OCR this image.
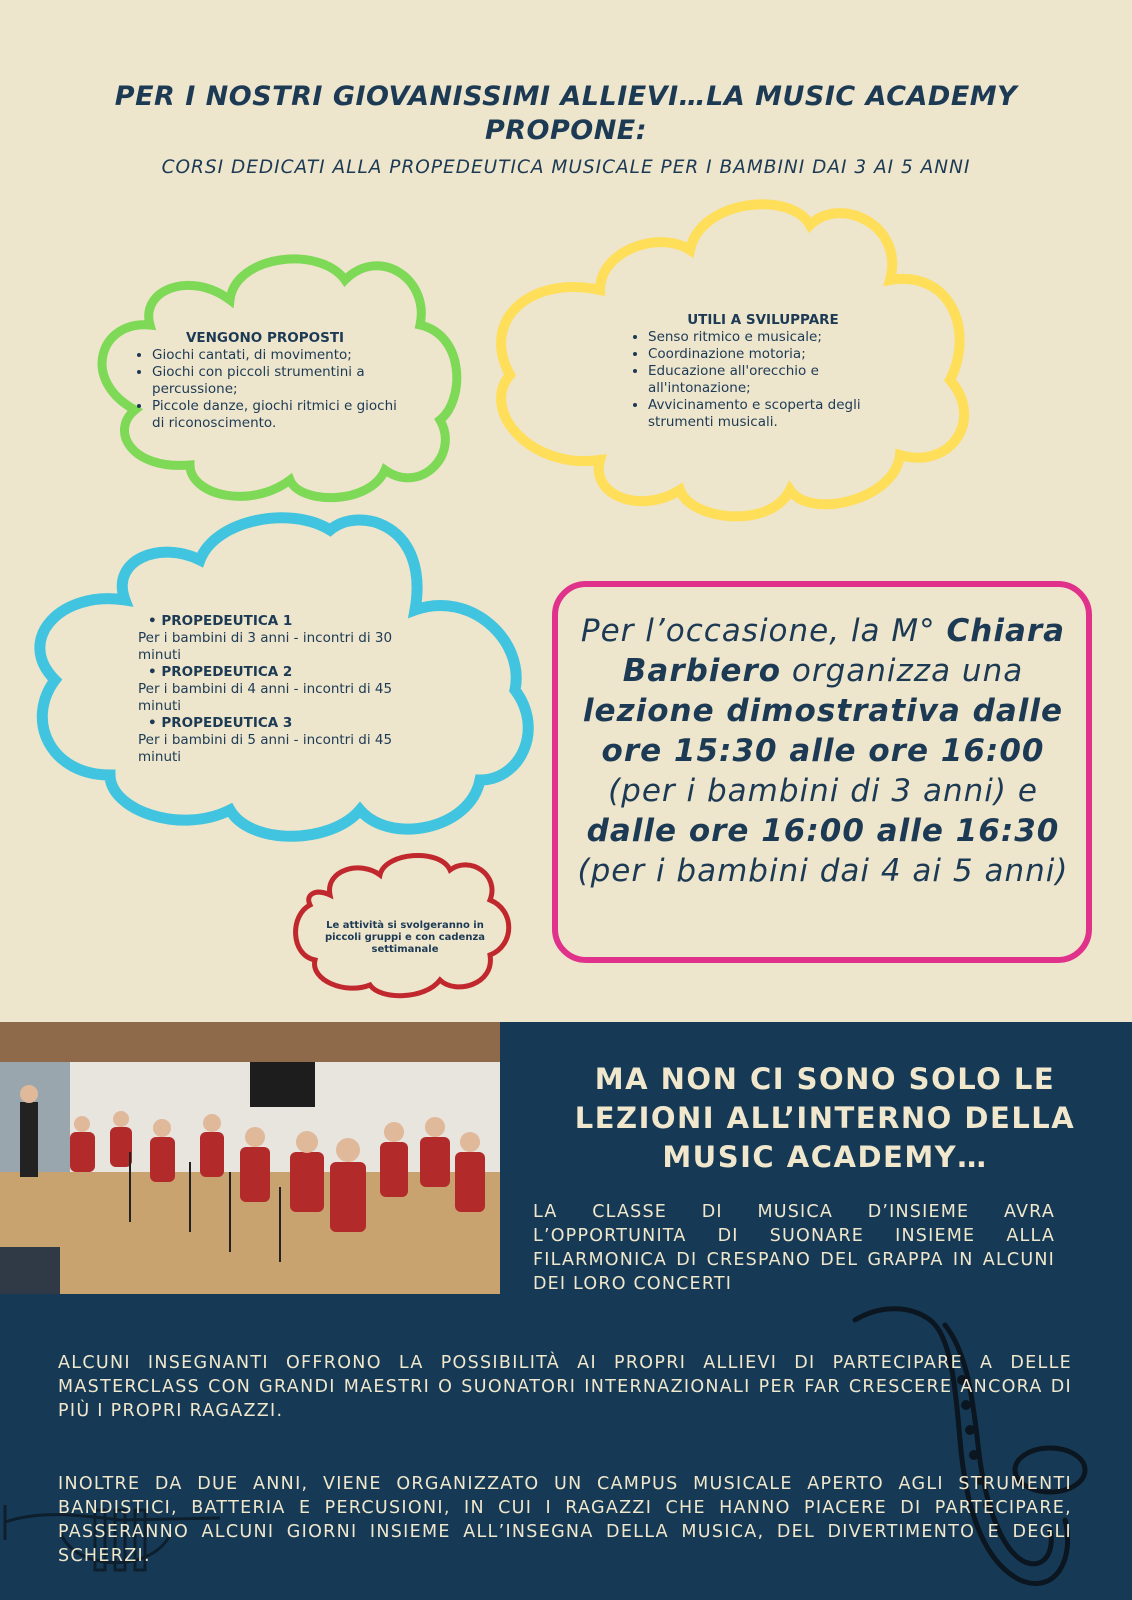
PER I NOSTRI GIOVANISSIMI ALLIEVI…LA MUSIC ACADEMY PROPONE:
CORSI DEDICATI ALLA PROPEDEUTICA MUSICALE PER I BAMBINI DAI 3 AI 5 ANNI
VENGONO PROPOSTI
• Giochi cantati, di movimento;
• Giochi con piccoli strumentini a percussione;
• Piccole danze, giochi ritmici e giochi di riconoscimento.
UTILI A SVILUPPARE
• Senso ritmico e musicale;
• Coordinazione motoria;
• Educazione all'orecchio e all'intonazione;
• Avvicinamento e scoperta degli strumenti musicali.
• PROPEDEUTICA 1
Per i bambini di 3 anni - incontri di 30 minuti
• PROPEDEUTICA 2
Per i bambini di 4 anni - incontri di 45 minuti
• PROPEDEUTICA 3
Per i bambini di 5 anni - incontri di 45 minuti
Le attività si svolgeranno in piccoli gruppi e con cadenza settimanale
Per l’occasione, la M° Chiara Barbiero organizza una lezione dimostrativa dalle ore 15:30 alle ore 16:00 (per i bambini di 3 anni) e dalle ore 16:00 alle 16:30 (per i bambini dai 4 ai 5 anni)
MA NON CI SONO SOLO LE LEZIONI ALL’INTERNO DELLA MUSIC ACADEMY…
LA CLASSE DI MUSICA D’INSIEME AVRA L’OPPORTUNITA DI SUONARE INSIEME ALLA FILARMONICA DI CRESPANO DEL GRAPPA IN ALCUNI DEI LORO CONCERTI
ALCUNI INSEGNANTI OFFRONO LA POSSIBILITÀ AI PROPRI ALLIEVI DI PARTECIPARE A DELLE MASTERCLASS CON GRANDI MAESTRI O SUONATORI INTERNAZIONALI PER FAR CRESCERE ANCORA DI PIÙ I PROPRI RAGAZZI.
INOLTRE DA DUE ANNI, VIENE ORGANIZZATO UN CAMPUS MUSICALE APERTO AGLI STRUMENTI BANDISTICI, BATTERIA E PERCUSIONI, IN CUI I RAGAZZI CHE HANNO PIACERE DI PARTECIPARE, PASSERANNO ALCUNI GIORNI INSIEME ALL’INSEGNA DELLA MUSICA, DEL DIVERTIMENTO E DEGLI SCHERZI.
